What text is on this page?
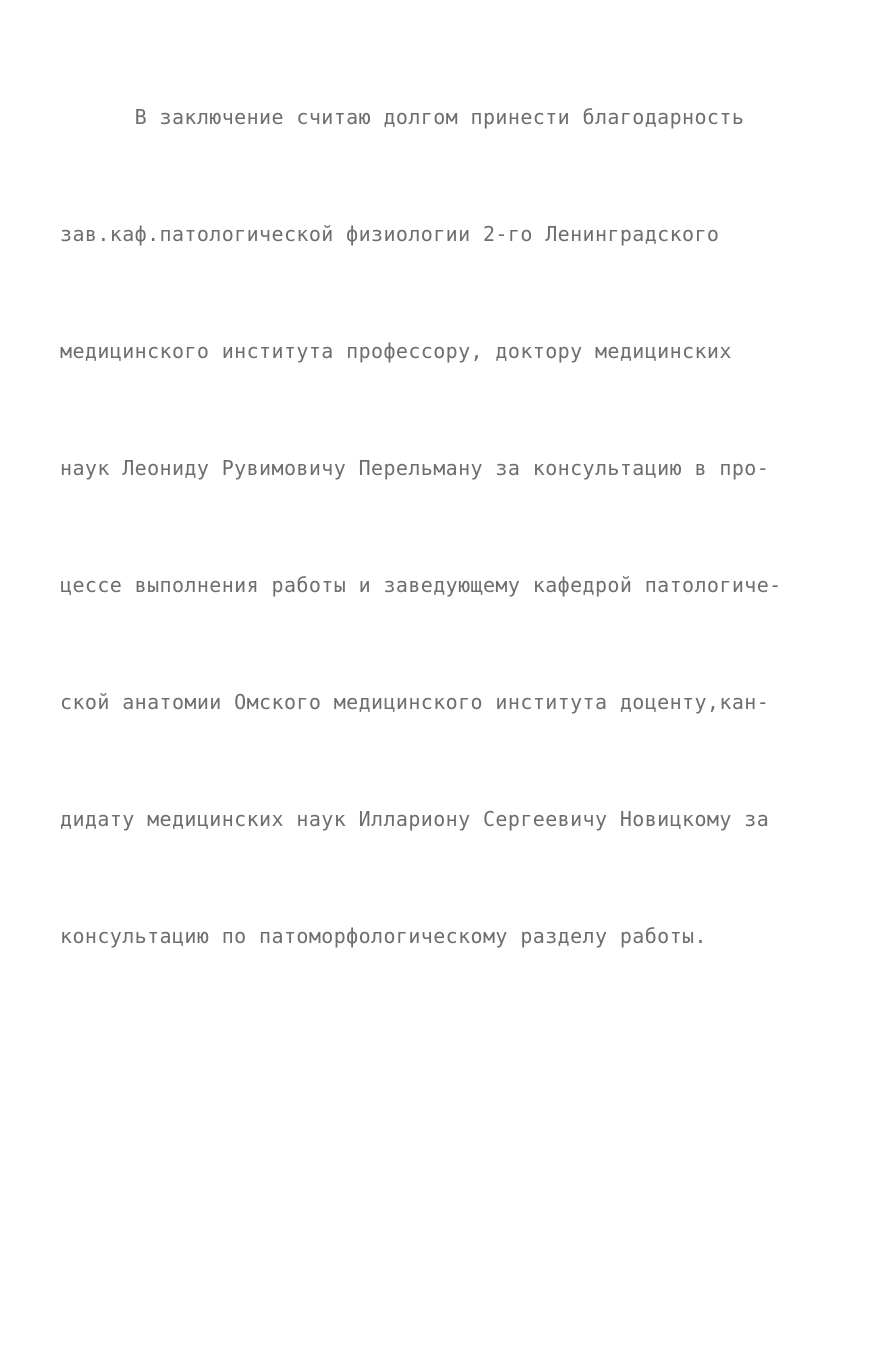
В заключение считаю долгом принести благодарность

зав.каф.патологической физиологии 2-го Ленинградского

медицинского института профессору, доктору медицинских

наук Леониду Рувимовичу Перельману за консультацию в про-

цессе выполнения работы и заведующему кафедрой патологиче-

ской анатомии Омского медицинского института доценту,кан-

дидату медицинских наук Иллариону Сергеевичу Новицкому за

консультацию по патоморфологическому разделу работы.
